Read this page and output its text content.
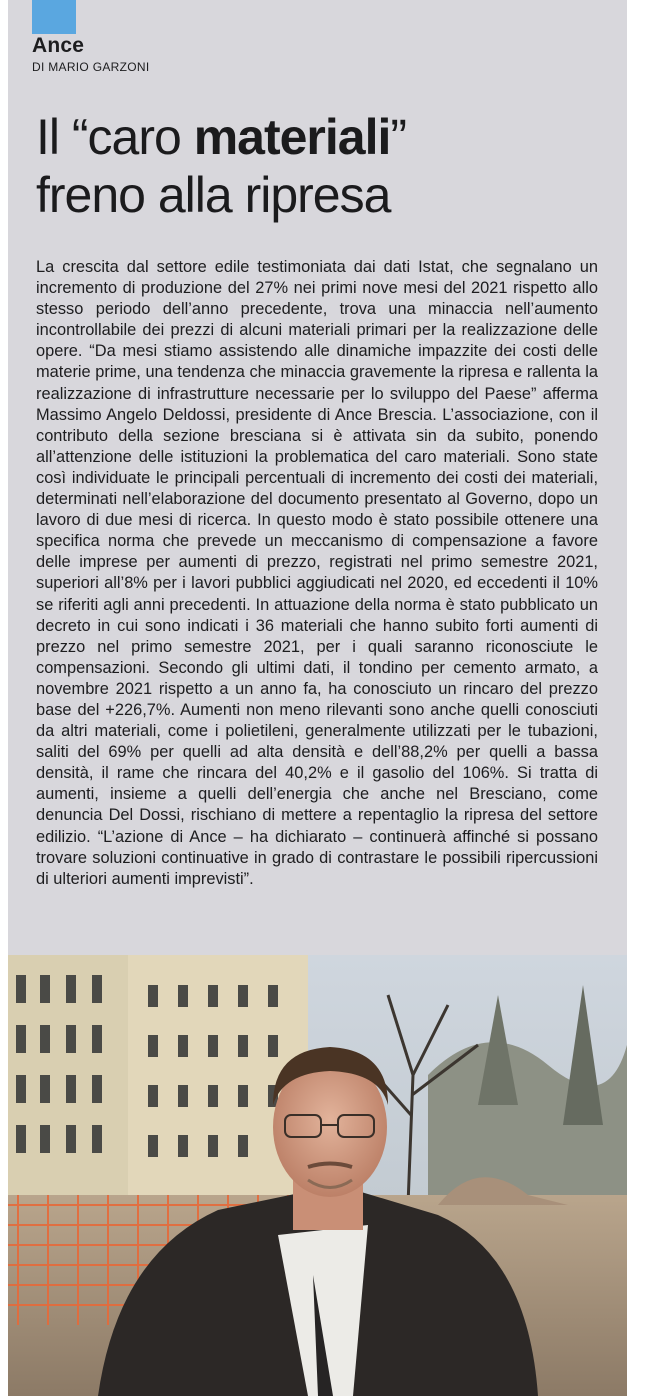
Ance
DI MARIO GARZONI
Il “caro materiali”
freno alla ripresa

La crescita dal settore edile testimoniata dai dati Istat, che segnalano un incremento di produzione del 27% nei primi nove mesi del 2021 rispetto allo stesso periodo dell’anno precedente, trova una minaccia nell’aumento incontrollabile dei prezzi di alcuni materiali primari per la realizzazione delle opere. “Da mesi stiamo assistendo alle dinamiche impazzite dei costi delle materie prime, una tendenza che minaccia gravemente la ripresa e rallenta la realizzazione di infrastrutture necessarie per lo sviluppo del Paese” afferma Massimo Angelo Deldossi, presidente di Ance Brescia. L’associazione, con il contributo della sezione bresciana si è attivata sin da subito, ponendo all’attenzione delle istituzioni la problematica del caro materiali. Sono state così individuate le principali percentuali di incremento dei costi dei materiali, determinati nell’elaborazione del documento presentato al Governo, dopo un lavoro di due mesi di ricerca. In questo modo è stato possibile ottenere una specifica norma che prevede un meccanismo di compensazione a favore delle imprese per aumenti di prezzo, registrati nel primo semestre 2021, superiori all’8% per i lavori pubblici aggiudicati nel 2020, ed eccedenti il 10% se riferiti agli anni precedenti. In attuazione della norma è stato pubblicato un decreto in cui sono indicati i 36 materiali che hanno subito forti aumenti di prezzo nel primo semestre 2021, per i quali saranno riconosciute le compensazioni. Secondo gli ultimi dati, il tondino per cemento armato, a novembre 2021 rispetto a un anno fa, ha conosciuto un rincaro del prezzo base del +226,7%. Aumenti non meno rilevanti sono anche quelli conosciuti da altri materiali, come i polietileni, generalmente utilizzati per le tubazioni, saliti del 69% per quelli ad alta densità e dell’88,2% per quelli a bassa densità, il rame che rincara del 40,2% e il gasolio del 106%. Si tratta di aumenti, insieme a quelli dell’energia che anche nel Bresciano, come denuncia Del Dossi, rischiano di mettere a repentaglio la ripresa del settore edilizio. “L’azione di Ance – ha dichiarato – continuerà affinché si possano trovare soluzioni continuative in grado di contrastare le possibili ripercussioni di ulteriori aumenti imprevisti”.
